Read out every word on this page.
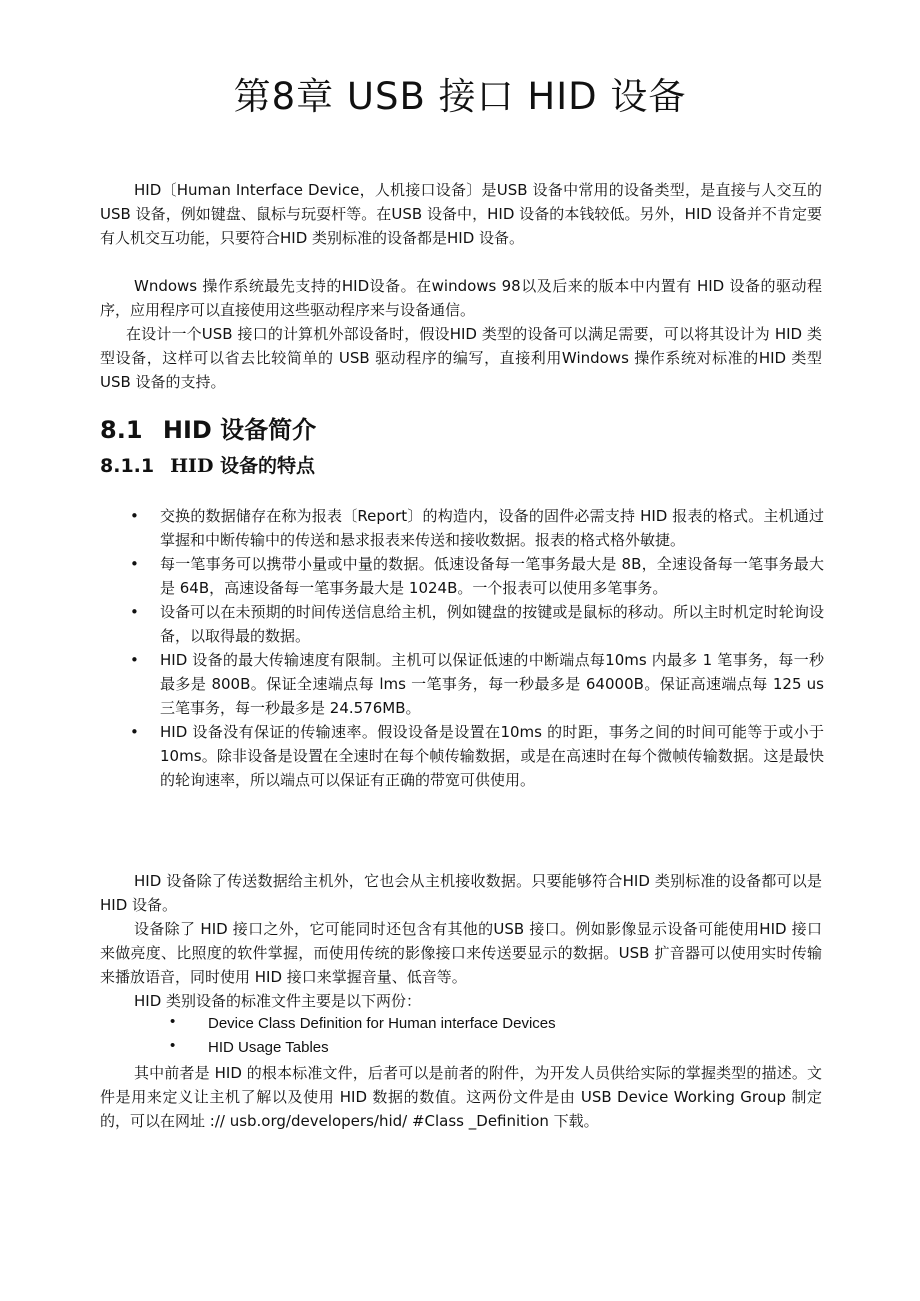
第8章 USB 接口 HID 设备

HID〔Human Interface Device，人机接口设备〕是USB 设备中常用的设备类型，是直接与人交互的USB 设备，例如键盘、鼠标与玩耍杆等。在USB 设备中，HID 设备的本钱较低。另外，HID 设备并不肯定要有人机交互功能，只要符合HID 类别标准的设备都是HID 设备。

Wndows 操作系统最先支持的HID设备。在windows 98以及后来的版本中内置有 HID 设备的驱动程序，应用程序可以直接使用这些驱动程序来与设备通信。

在设计一个USB 接口的计算机外部设备时，假设HID 类型的设备可以满足需要，可以将其设计为 HID 类型设备，这样可以省去比较简单的 USB 驱动程序的编写，直接利用Windows 操作系统对标准的HID 类型USB 设备的支持。

8.1 HID 设备简介
8.1.1 HID 设备的特点
• 交换的数据储存在称为报表〔Report〕的构造内，设备的固件必需支持 HID 报表的格式。主机通过掌握和中断传输中的传送和悬求报表来传送和接收数据。报表的格式格外敏捷。
• 每一笔事务可以携带小量或中量的数据。低速设备每一笔事务最大是 8B，全速设备每一笔事务最大是 64B，高速设备每一笔事务最大是 1024B。一个报表可以使用多笔事务。
• 设备可以在未预期的时间传送信息给主机，例如键盘的按键或是鼠标的移动。所以主时机定时轮询设备，以取得最的数据。
• HID 设备的最大传输速度有限制。主机可以保证低速的中断端点每10ms 内最多 1 笔事务，每一秒最多是 800B。保证全速端点每 lms 一笔事务，每一秒最多是 64000B。保证高速端点每 125 us 三笔事务，每一秒最多是 24.576MB。
• HID 设备没有保证的传输速率。假设设备是设置在10ms 的时距，事务之间的时间可能等于或小于 10ms。除非设备是设置在全速时在每个帧传输数据，或是在高速时在每个微帧传输数据。这是最快的轮询速率，所以端点可以保证有正确的带宽可供使用。

HID 设备除了传送数据给主机外，它也会从主机接收数据。只要能够符合HID 类别标准的设备都可以是HID 设备。

设备除了 HID 接口之外，它可能同时还包含有其他的USB 接口。例如影像显示设备可能使用HID 接口来做亮度、比照度的软件掌握，而使用传统的影像接口来传送要显示的数据。USB 扩音器可以使用实时传输来播放语音，同时使用 HID 接口来掌握音量、低音等。

HID 类别设备的标准文件主要是以下两份：

• Device Class Definition for Human interface Devices
• HID Usage Tables

其中前者是 HID 的根本标准文件，后者可以是前者的附件，为开发人员供给实际的掌握类型的描述。文件是用来定义让主机了解以及使用 HID 数据的数值。这两份文件是由 USB Device Working Group 制定的，可以在网址 :// usb.org/developers/hid/ #Class _Definition 下载。
